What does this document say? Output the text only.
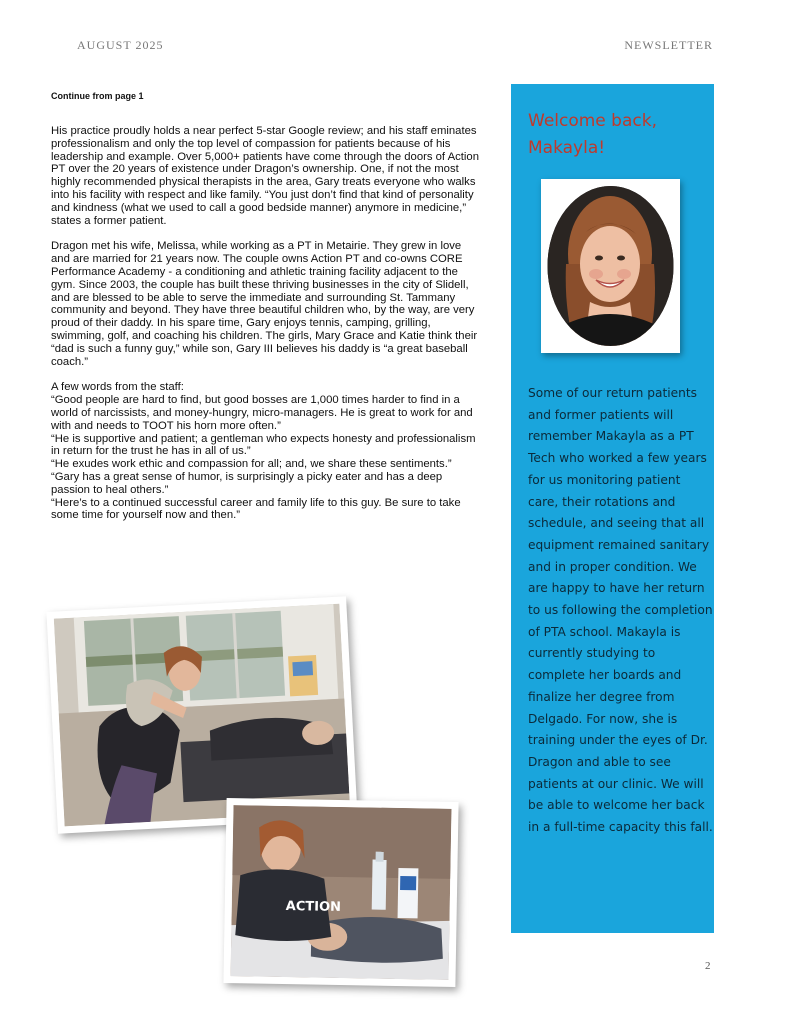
AUGUST 2025	NEWSLETTER
Continue from page 1

His practice proudly holds a near perfect 5-star Google review; and his staff eminates professionalism and only the top level of compassion for patients because of his leadership and example. Over 5,000+ patients have come through the doors of Action PT over the 20 years of existence under Dragon’s ownership. One, if not the most highly recommended physical therapists in the area, Gary treats everyone who walks into his facility with respect and like family. “You just don’t find that kind of personality and kindness (what we used to call a good bedside manner) anymore in medicine,” states a former patient.

Dragon met his wife, Melissa, while working as a PT in Metairie. They grew in love and are married for 21 years now. The couple owns Action PT and co-owns CORE Performance Academy - a conditioning and athletic training facility adjacent to the gym. Since 2003, the couple has built these thriving businesses in the city of Slidell, and are blessed to be able to serve the immediate and surrounding St. Tammany community and beyond. They have three beautiful children who, by the way, are very proud of their daddy. In his spare time, Gary enjoys tennis, camping, grilling, swimming, golf, and coaching his children. The girls, Mary Grace and Katie think their “dad is such a funny guy,” while son, Gary III believes his daddy is “a great baseball coach.”

A few words from the staff:
“Good people are hard to find, but good bosses are 1,000 times harder to find in a world of narcissists, and money-hungry, micro-managers. He is great to work for and with and needs to TOOT his horn more often.”
“He is supportive and patient; a gentleman who expects honesty and professionalism in return for the trust he has in all of us.”
“He exudes work ethic and compassion for all; and, we share these sentiments.”
“Gary has a great sense of humor, is surprisingly a picky eater and has a deep passion to heal others.”
“Here’s to a continued successful career and family life to this guy. Be sure to take some time for yourself now and then.”
Welcome back,
Makayla!
Some of our return patients and former patients will remember Makayla as a PT Tech who worked a few years for us monitoring patient care, their rotations and schedule, and seeing that all equipment remained sanitary and in proper condition. We are happy to have her return to us following the completion of PTA school. Makayla is currently studying to complete her boards and finalize her degree from Delgado. For now, she is training under the eyes of Dr. Dragon and able to see patients at our clinic. We will be able to welcome her back in a full-time capacity this fall.
ACTION
2
